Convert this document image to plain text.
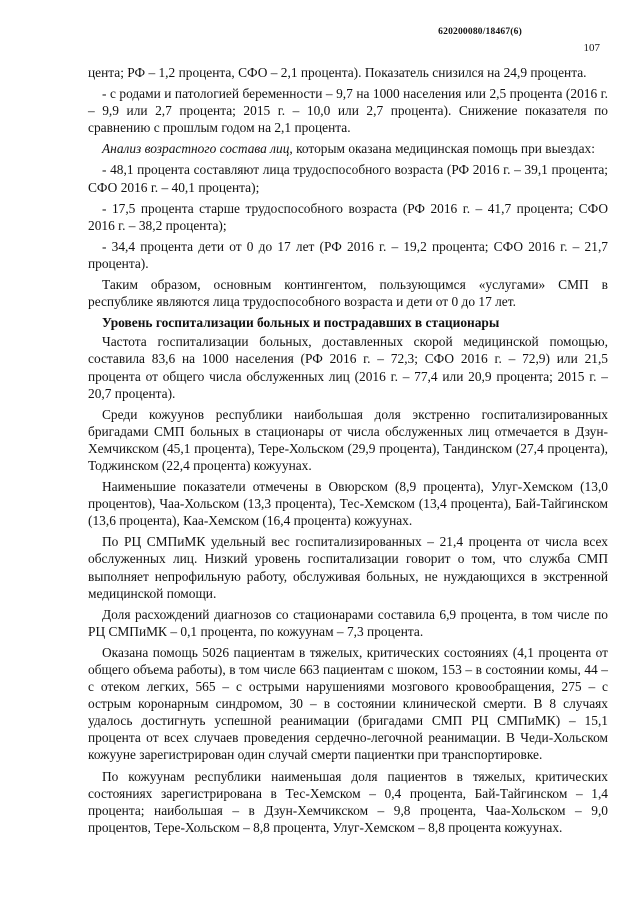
620200080/18467(6)
107

цента; РФ – 1,2 процента, СФО – 2,1 процента). Показатель снизился на 24,9 процента.

- с родами и патологией беременности – 9,7 на 1000 населения или 2,5 процента (2016 г. – 9,9 или 2,7 процента; 2015 г. – 10,0 или 2,7 процента). Снижение показателя по сравнению с прошлым годом на 2,1 процента.

Анализ возрастного состава лиц, которым оказана медицинская помощь при выездах:

- 48,1 процента составляют лица трудоспособного возраста (РФ 2016 г. – 39,1 процента; СФО 2016 г. – 40,1 процента);

- 17,5 процента старше трудоспособного возраста (РФ 2016 г. – 41,7 процента; СФО 2016 г. – 38,2 процента);

- 34,4 процента дети от 0 до 17 лет (РФ 2016 г. – 19,2 процента; СФО 2016 г. – 21,7 процента).

Таким образом, основным контингентом, пользующимся «услугами» СМП в республике являются лица трудоспособного возраста и дети от 0 до 17 лет.

Уровень госпитализации больных и пострадавших в стационары

Частота госпитализации больных, доставленных скорой медицинской помощью, составила 83,6 на 1000 населения (РФ 2016 г. – 72,3; СФО 2016 г. – 72,9) или 21,5 процента от общего числа обслуженных лиц (2016 г. – 77,4 или 20,9 процента; 2015 г. – 20,7 процента).

Среди кожуунов республики наибольшая доля экстренно госпитализированных бригадами СМП больных в стационары от числа обслуженных лиц отмечается в Дзун-Хемчикском (45,1 процента), Тере-Хольском (29,9 процента), Тандинском (27,4 процента), Тоджинском (22,4 процента) кожуунах.

Наименьшие показатели отмечены в Овюрском (8,9 процента), Улуг-Хемском (13,0 процентов), Чаа-Хольском (13,3 процента), Тес-Хемском (13,4 процента), Бай-Тайгинском (13,6 процента), Каа-Хемском (16,4 процента) кожуунах.

По РЦ СМПиМК удельный вес госпитализированных – 21,4 процента от числа всех обслуженных лиц. Низкий уровень госпитализации говорит о том, что служба СМП выполняет непрофильную работу, обслуживая больных, не нуждающихся в экстренной медицинской помощи.

Доля расхождений диагнозов со стационарами составила 6,9 процента, в том числе по РЦ СМПиМК – 0,1 процента, по кожуунам – 7,3 процента.

Оказана помощь 5026 пациентам в тяжелых, критических состояниях (4,1 процента от общего объема работы), в том числе 663 пациентам с шоком, 153 – в состоянии комы, 44 – с отеком легких, 565 – с острыми нарушениями мозгового кровообращения, 275 – с острым коронарным синдромом, 30 – в состоянии клинической смерти. В 8 случаях удалось достигнуть успешной реанимации (бригадами СМП РЦ СМПиМК) – 15,1 процента от всех случаев проведения сердечно-легочной реанимации. В Чеди-Хольском кожууне зарегистрирован один случай смерти пациентки при транспортировке.

По кожуунам республики наименьшая доля пациентов в тяжелых, критических состояниях зарегистрирована в Тес-Хемском – 0,4 процента, Бай-Тайгинском – 1,4 процента; наибольшая – в Дзун-Хемчикском – 9,8 процента, Чаа-Хольском – 9,0 процентов, Тере-Хольском – 8,8 процента, Улуг-Хемском – 8,8 процента кожуунах.
